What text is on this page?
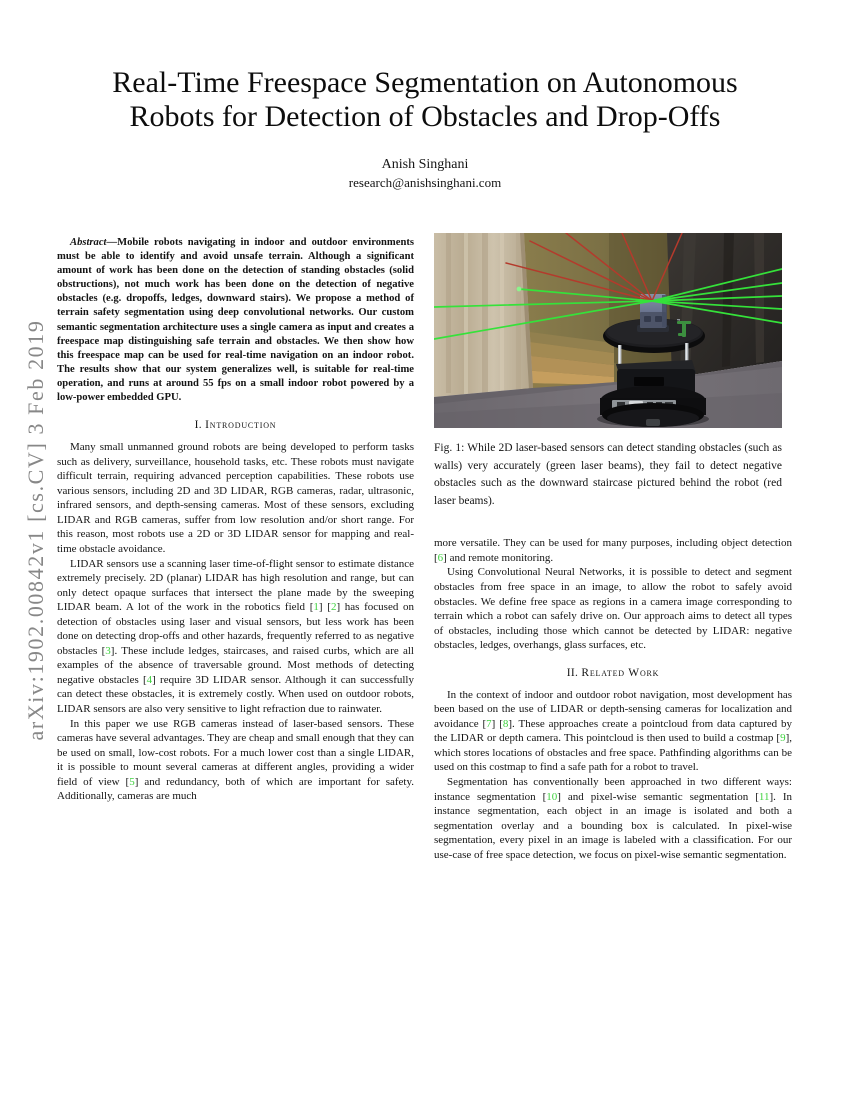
arXiv:1902.00842v1 [cs.CV] 3 Feb 2019
Real-Time Freespace Segmentation on Autonomous
Robots for Detection of Obstacles and Drop-Offs
Anish Singhani
research@anishsinghani.com

Abstract—Mobile robots navigating in indoor and outdoor environments must be able to identify and avoid unsafe terrain. Although a significant amount of work has been done on the detection of standing obstacles (solid obstructions), not much work has been done on the detection of negative obstacles (e.g. dropoffs, ledges, downward stairs). We propose a method of terrain safety segmentation using deep convolutional networks. Our custom semantic segmentation architecture uses a single camera as input and creates a freespace map distinguishing safe terrain and obstacles. We then show how this freespace map can be used for real-time navigation on an indoor robot. The results show that our system generalizes well, is suitable for real-time operation, and runs at around 55 fps on a small indoor robot powered by a low-power embedded GPU.

I. Introduction

Many small unmanned ground robots are being developed to perform tasks such as delivery, surveillance, household tasks, etc. These robots must navigate difficult terrain, requiring advanced perception capabilities. These robots use various sensors, including 2D and 3D LIDAR, RGB cameras, radar, ultrasonic, infrared sensors, and depth-sensing cameras. Most of these sensors, excluding LIDAR and RGB cameras, suffer from low resolution and/or short range. For this reason, most robots use a 2D or 3D LIDAR sensor for mapping and real-time obstacle avoidance.

LIDAR sensors use a scanning laser time-of-flight sensor to estimate distance extremely precisely. 2D (planar) LIDAR has high resolution and range, but can only detect opaque surfaces that intersect the plane made by the sweeping LIDAR beam. A lot of the work in the robotics field [1] [2] has focused on detection of obstacles using laser and visual sensors, but less work has been done on detecting drop-offs and other hazards, frequently referred to as negative obstacles [3]. These include ledges, staircases, and raised curbs, which are all examples of the absence of traversable ground. Most methods of detecting negative obstacles [4] require 3D LIDAR sensor. Although it can successfully can detect these obstacles, it is extremely costly. When used on outdoor robots, LIDAR sensors are also very sensitive to light refraction due to rainwater.

In this paper we use RGB cameras instead of laser-based sensors. These cameras have several advantages. They are cheap and small enough that they can be used on small, low-cost robots. For a much lower cost than a single LIDAR, it is possible to mount several cameras at different angles, providing a wider field of view [5] and redundancy, both of which are important for safety. Additionally, cameras are much

Fig. 1: While 2D laser-based sensors can detect standing obstacles (such as walls) very accurately (green laser beams), they fail to detect negative obstacles such as the downward staircase pictured behind the robot (red laser beams).

more versatile. They can be used for many purposes, including object detection [6] and remote monitoring.

Using Convolutional Neural Networks, it is possible to detect and segment obstacles from free space in an image, to allow the robot to safely avoid obstacles. We define free space as regions in a camera image corresponding to terrain which a robot can safely drive on. Our approach aims to detect all types of obstacles, including those which cannot be detected by LIDAR: negative obstacles, ledges, overhangs, glass surfaces, etc.

II. Related Work

In the context of indoor and outdoor robot navigation, most development has been based on the use of LIDAR or depth-sensing cameras for localization and avoidance [7] [8]. These approaches create a pointcloud from data captured by the LIDAR or depth camera. This pointcloud is then used to build a costmap [9], which stores locations of obstacles and free space. Pathfinding algorithms can be used on this costmap to find a safe path for a robot to travel.

Segmentation has conventionally been approached in two different ways: instance segmentation [10] and pixel-wise semantic segmentation [11]. In instance segmentation, each object in an image is isolated and both a segmentation overlay and a bounding box is calculated. In pixel-wise segmentation, every pixel in an image is labeled with a classification. For our use-case of free space detection, we focus on pixel-wise semantic segmentation.
